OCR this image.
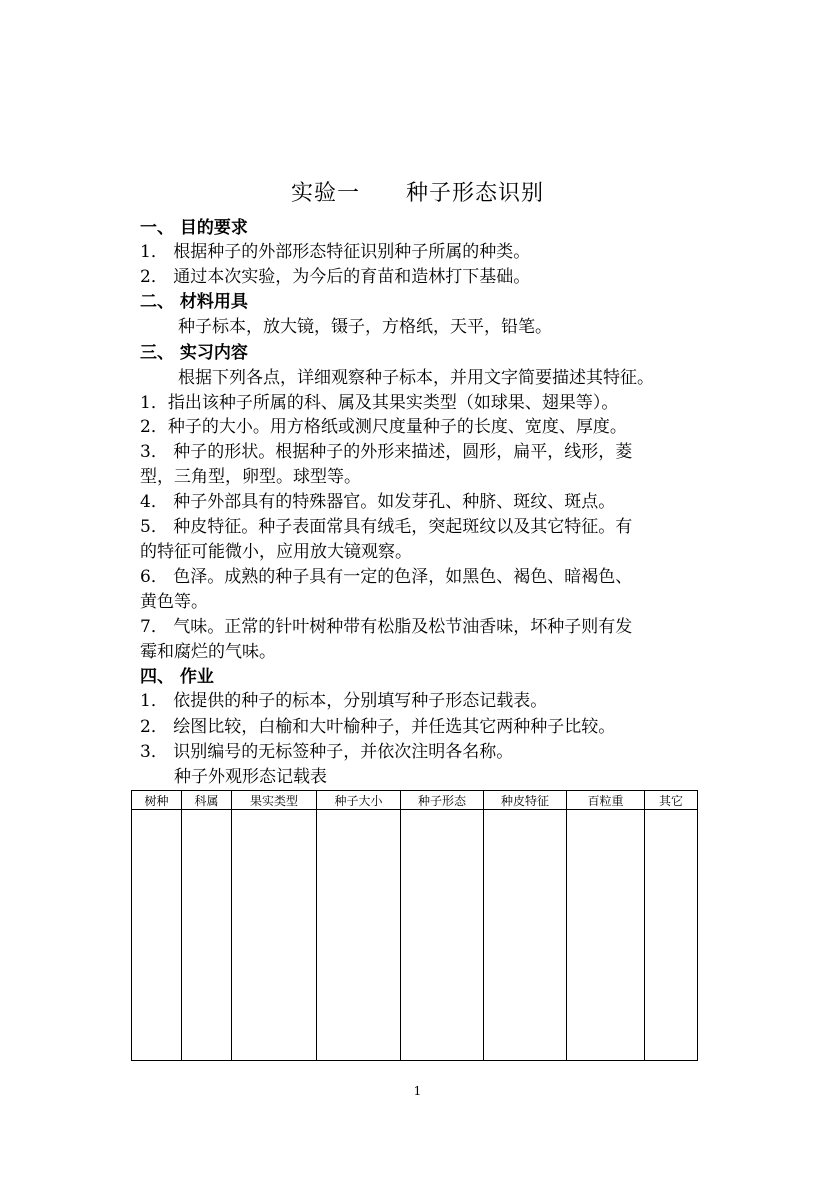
实验一　　种子形态识别
一、 目的要求
1． 根据种子的外部形态特征识别种子所属的种类。
2． 通过本次实验，为今后的育苗和造林打下基础。
二、 材料用具
种子标本，放大镜，镊子，方格纸，天平，铅笔。
三、 实习内容
根据下列各点，详细观察种子标本，并用文字简要描述其特征。
1．指出该种子所属的科、属及其果实类型（如球果、翅果等）。
2．种子的大小。用方格纸或测尺度量种子的长度、宽度、厚度。
3． 种子的形状。根据种子的外形来描述，圆形，扁平，线形，菱
型，三角型，卵型。球型等。
4． 种子外部具有的特殊器官。如发芽孔、种脐、斑纹、斑点。
5． 种皮特征。种子表面常具有绒毛，突起斑纹以及其它特征。有
的特征可能微小，应用放大镜观察。
6． 色泽。成熟的种子具有一定的色泽，如黑色、褐色、暗褐色、
黄色等。
7． 气味。正常的针叶树种带有松脂及松节油香味，坏种子则有发
霉和腐烂的气味。
四、 作业
1． 依提供的种子的标本，分别填写种子形态记载表。
2． 绘图比较，白榆和大叶榆种子，并任选其它两种种子比较。
3． 识别编号的无标签种子，并依次注明各名称。
种子外观形态记载表
树种	科属	果实类型	种子大小	种子形态	种皮特征	百粒重	其它

1
